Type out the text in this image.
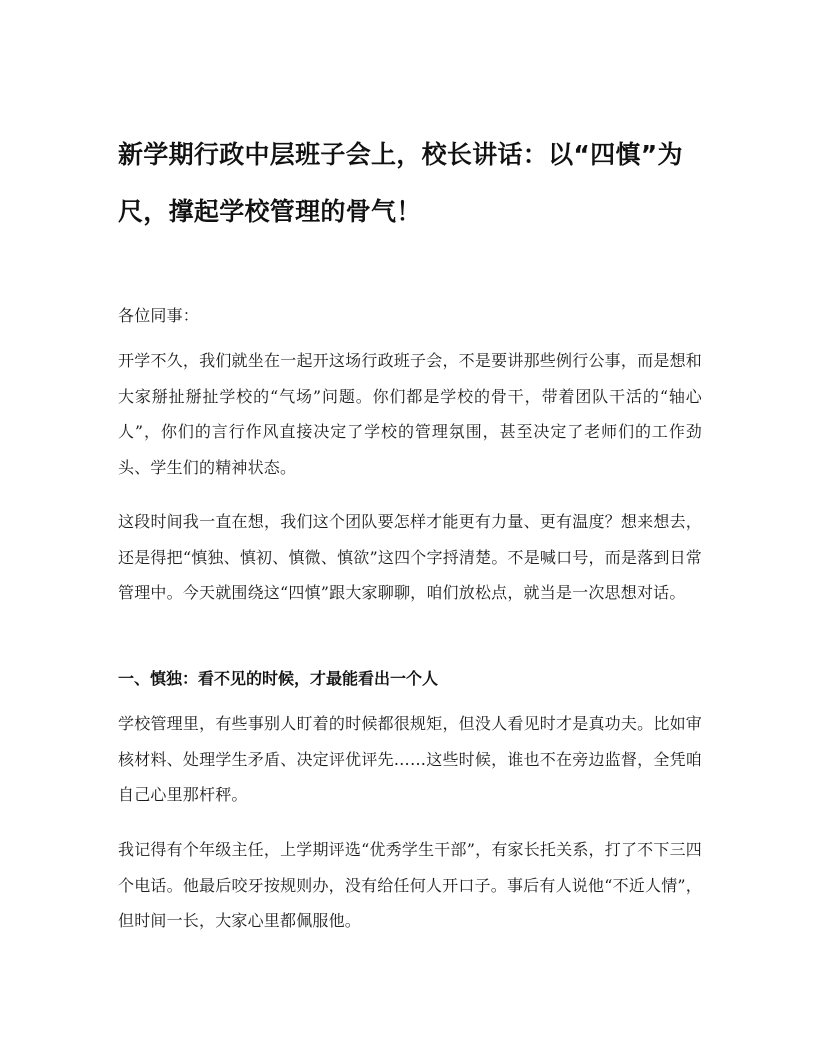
新学期行政中层班子会上，校长讲话：以“四慎”为尺，撑起学校管理的骨气！

各位同事：

开学不久，我们就坐在一起开这场行政班子会，不是要讲那些例行公事，而是想和大家掰扯掰扯学校的“气场”问题。你们都是学校的骨干，带着团队干活的“轴心人”，你们的言行作风直接决定了学校的管理氛围，甚至决定了老师们的工作劲头、学生们的精神状态。

这段时间我一直在想，我们这个团队要怎样才能更有力量、更有温度？想来想去，还是得把“慎独、慎初、慎微、慎欲”这四个字捋清楚。不是喊口号，而是落到日常管理中。今天就围绕这“四慎”跟大家聊聊，咱们放松点，就当是一次思想对话。

一、慎独：看不见的时候，才最能看出一个人

学校管理里，有些事别人盯着的时候都很规矩，但没人看见时才是真功夫。比如审核材料、处理学生矛盾、决定评优评先……这些时候，谁也不在旁边监督，全凭咱自己心里那杆秤。

我记得有个年级主任，上学期评选“优秀学生干部”，有家长托关系，打了不下三四个电话。他最后咬牙按规则办，没有给任何人开口子。事后有人说他“不近人情”，但时间一长，大家心里都佩服他。
